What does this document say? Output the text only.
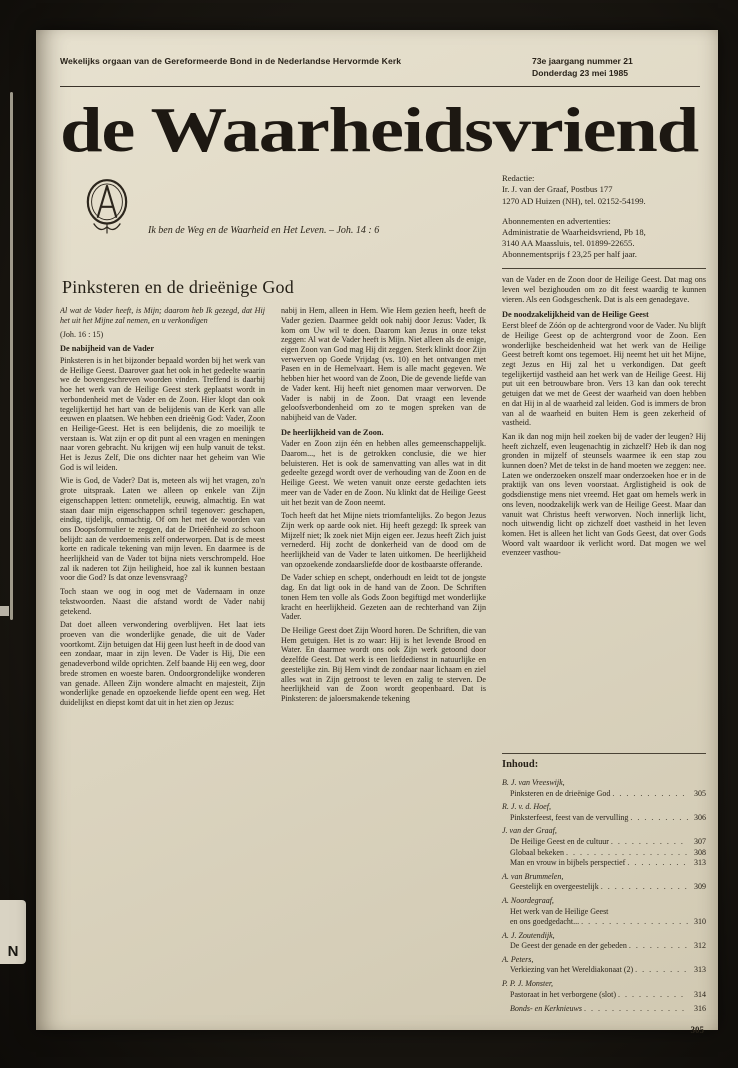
N
Wekelijks orgaan van de Gereformeerde Bond in de Nederlandse Hervormde Kerk	73e jaargang nummer 21
Donderdag 23 mei 1985
de Waarheidsvriend
Ik ben de Weg en de Waarheid en Het Leven. – Joh. 14 : 6
Pinksteren en de drieënige God

Al wat de Vader heeft, is Mijn; daarom heb Ik gezegd, dat Hij het uit het Mijne zal nemen, en u verkondigen

(Joh. 16 : 15)

De nabijheid van de Vader

Pinksteren is in het bijzonder bepaald worden bij het werk van de Heilige Geest. Daarover gaat het ook in het gedeelte waarin we de bovengeschreven woorden vinden. Treffend is daarbij hoe het werk van de Heilige Geest sterk geplaatst wordt in verbondenheid met de Vader en de Zoon. Hier klopt dan ook tegelijkertijd het hart van de belijdenis van de Kerk van alle eeuwen en plaatsen. We hebben een drieënig God: Vader, Zoon en Heilige-Geest. Het is een belijdenis, die zo moeilijk te verstaan is. Wat zijn er op dit punt al een vragen en meningen naar voren gebracht. Nu krijgen wij een hulp vanuit de tekst. Het is Jezus Zelf, Die ons dichter naar het geheim van Wie God is wil leiden.

Wie is God, de Vader? Dat is, meteen als wij het vragen, zo'n grote uitspraak. Laten we alleen op enkele van Zijn eigenschappen letten: onmetelijk, eeuwig, almachtig. En wat staan daar mijn eigenschappen schril tegenover: geschapen, eindig, tijdelijk, onmachtig. Of om het met de woorden van ons Doopsformulier te zeggen, dat de Drieëênheid zo schoon belijdt: aan de verdoemenis zelf onderworpen. Dat is de meest korte en radicale tekening van mijn leven. En daarmee is de heerlijkheid van de Vader tot bijna niets verschrompeld. Hoe zal ik naderen tot Zijn heiligheid, hoe zal ik kunnen bestaan voor die God? Is dat onze levensvraag?

Toch staan we oog in oog met de Vadernaam in onze tekstwoorden. Naast die afstand wordt de Vader nabij getekend.

Dat doet alleen verwondering overblijven. Het laat iets proeven van die wonderlijke genade, die uit de Vader voortkomt. Zijn betuigen dat Hij geen lust heeft in de dood van een zondaar, maar in zijn leven. De Vader is Hij, Die een genadeverbond wilde oprichten. Zelf baande Hij een weg, door brede stromen en woeste baren. Ondoorgrondelijke wonderen van genade. Alleen Zijn wondere almacht en majesteit, Zijn wonderlijke genade en opzoekende liefde opent een weg. Het duidelijkst en diepst komt dat uit in het zien op Jezus:

nabij in Hem, alleen in Hem. Wie Hem gezien heeft, heeft de Vader gezien. Daarmee geldt ook nabij door Jezus: Vader, Ik kom om Uw wil te doen. Daarom kan Jezus in onze tekst zeggen: Al wat de Vader heeft is Mijn. Niet alleen als de enige, eigen Zoon van God mag Hij dit zeggen. Sterk klinkt door Zijn verwerven op Goede Vrijdag (vs. 10) en het ontvangen met Pasen en in de Hemelvaart. Hem is alle macht gegeven. We hebben hier het woord van de Zoon, Die de gevende liefde van de Vader kent. Hij heeft niet genomen maar verworven. De Vader is nabij in de Zoon. Dat vraagt een levende geloofsverbondenheid om zo te mogen spreken van de nabijheid van de Vader.

De heerlijkheid van de Zoon.

Vader en Zoon zijn één en hebben alles gemeenschappelijk. Daarom..., het is de getrokken conclusie, die we hier beluisteren. Het is ook de samenvatting van alles wat in dit gedeelte gezegd wordt over de verhouding van de Zoon en de Heilige Geest. We weten vanuit onze eerste gedachten iets meer van de Vader en de Zoon. Nu klinkt dat de Heilige Geest uit het bezit van de Zoon neemt.

Toch heeft dat het Mijne niets triomfantelijks. Zo begon Jezus Zijn werk op aarde ook niet. Hij heeft gezegd: Ik spreek van Mijzelf niet; Ik zoek niet Mijn eigen eer. Jezus heeft Zich juist vernederd. Hij zocht de donkerheid van de dood om de heerlijkheid van de Vader te laten uitkomen. De heerlijkheid van opzoekende zondaarsliefde door de kostbaarste offerande.

De Vader schiep en schept, onderhoudt en leidt tot de jongste dag. En dat ligt ook in de hand van de Zoon. De Schriften tonen Hem ten volle als Gods Zoon begiftigd met wonderlijke kracht en heerlijkheid. Gezeten aan de rechterhand van Zijn Vader.

De Heilige Geest doet Zijn Woord horen. De Schriften, die van Hem getuigen. Het is zo waar: Hij is het levende Brood en Water. En daarmee wordt ons ook Zijn werk getoond door dezelfde Geest. Dat werk is een liefdedienst in natuurlijke en geestelijke zin. Bij Hem vindt de zondaar naar lichaam en ziel alles wat in Zijn getroost te leven en zalig te sterven. De heerlijkheid van de Zoon wordt geopenbaard. Dat is Pinksteren: de jaloersmakende tekening

Redactie:
Ir. J. van der Graaf, Postbus 177
1270 AD Huizen (NH), tel. 02152-54199.
Abonnementen en advertenties:
Administratie de Waarheidsvriend, Pb 18,
3140 AA Maassluis, tel. 01899-22655.
Abonnementsprijs f 23,25 per half jaar.

van de Vader en de Zoon door de Heilige Geest. Dat mag ons leven wel bezighouden om zo dit feest waardig te kunnen vieren. Als een Godsgeschenk. Dat is als een genadegave.

De noodzakelijkheid van de Heilige Geest

Eerst bleef de Zóón op de achtergrond voor de Vader. Nu blijft de Heilige Geest op de achtergrond voor de Zoon. Een wonderlijke bescheidenheid wat het werk van de Heilige Geest betreft komt ons tegemoet. Hij neemt het uit het Mijne, zegt Jezus en Hij zal het u verkondigen. Dat geeft tegelijkertijd vastheid aan het werk van de Heilige Geest. Hij put uit een betrouwbare bron. Vers 13 kan dan ook terecht getuigen dat we met de Geest der waarheid van doen hebben en dat Hij in al de waarheid zal leiden. God is immers de bron van al de waarheid en buiten Hem is geen zekerheid of vastheid.

Kan ik dan nog mijn heil zoeken bij de vader der leugen? Hij heeft zichzelf, even leugenachtig in zichzelf? Heb ik dan nog gronden in mijzelf of steunsels waarmee ik een stap zou kunnen doen? Met de tekst in de hand moeten we zeggen: nee. Laten we onderzoeken onszelf maar onderzoeken hoe er in de praktijk van ons leven voorstaat. Arglistigheid is ook de godsdienstige mens niet vreemd. Het gaat om hemels werk in ons leven, noodzakelijk werk van de Heilige Geest. Maar dan vanuit wat Christus heeft verworven. Noch innerlijk licht, noch uitwendig licht op zichzelf doet vastheid in het leven komen. Het is alleen het licht van Gods Geest, dat over Gods Woord valt waardoor ik verlicht word. Dat mogen we wel evenzeer vasthou-

Inhoud:
B. J. van Vreeswijk,
Pinksteren en de drieënige God . . .	305
R. J. v. d. Hoef,
Pinksterfeest, feest van de vervulling . . .	306
J. van der Graaf,
De Heilige Geest en de cultuur . . .	307
Globaal bekeken . . .	308
Man en vrouw in bijbels perspectief . . .	313
A. van Brummelen,
Geestelijk en overgeestelijk . . .	309
A. Noordegraaf,
Het werk van de Heilige Geest
en ons goedgedacht... . . .	310
A. J. Zoutendijk,
De Geest der genade en der gebeden . . .	312
A. Peters,
Verkiezing van het Wereldiakonaat (2) . . .	313
P. P. J. Monster,
Pastoraat in het verborgene (slot) . . .	314
Bonds- en Kerknieuws . . .	316
305
